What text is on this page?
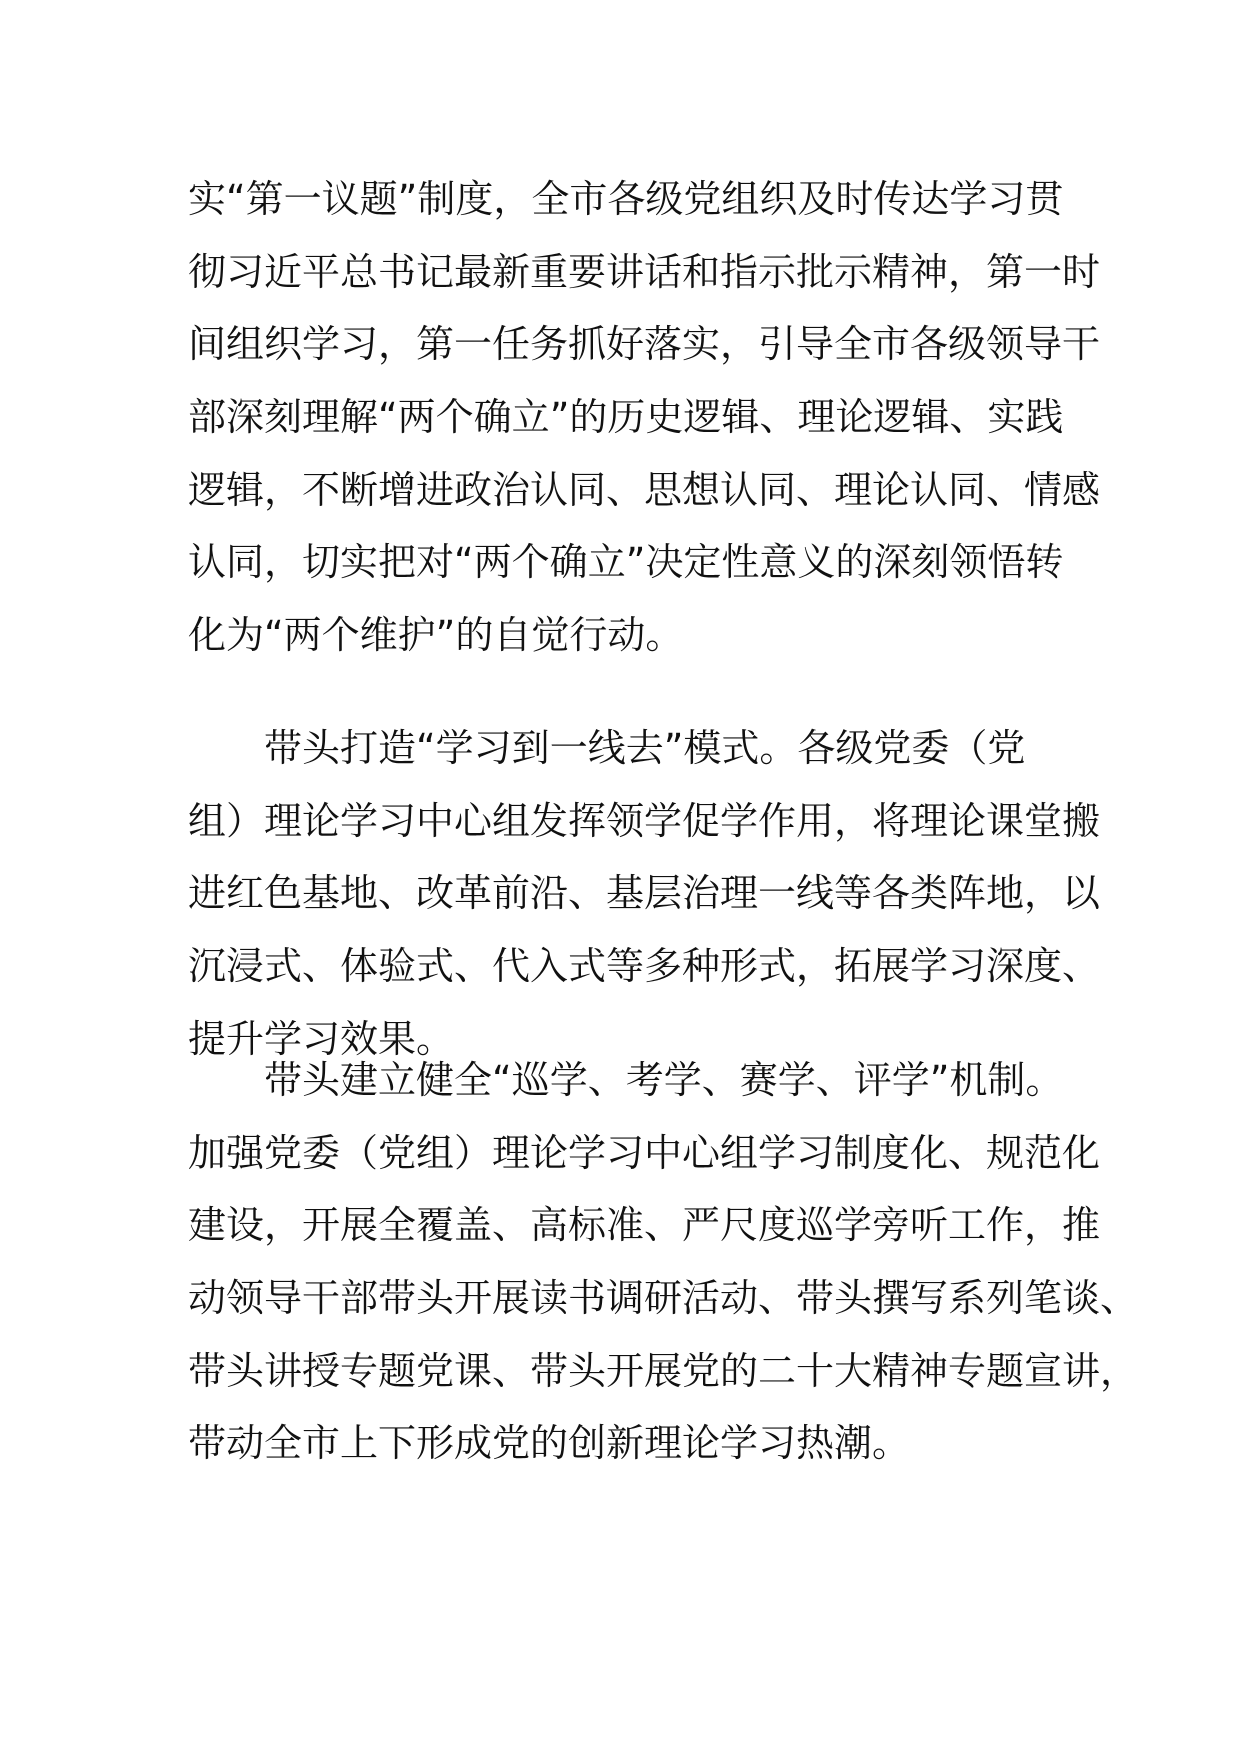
实“第一议题”制度，全市各级党组织及时传达学习贯
彻习近平总书记最新重要讲话和指示批示精神，第一时
间组织学习，第一任务抓好落实，引导全市各级领导干
部深刻理解“两个确立”的历史逻辑、理论逻辑、实践
逻辑，不断增进政治认同、思想认同、理论认同、情感
认同，切实把对“两个确立”决定性意义的深刻领悟转
化为“两个维护”的自觉行动。
　　带头打造“学习到一线去”模式。各级党委（党
组）理论学习中心组发挥领学促学作用，将理论课堂搬
进红色基地、改革前沿、基层治理一线等各类阵地，以
沉浸式、体验式、代入式等多种形式，拓展学习深度、
提升学习效果。
　　带头建立健全“巡学、考学、赛学、评学”机制。
加强党委（党组）理论学习中心组学习制度化、规范化
建设，开展全覆盖、高标准、严尺度巡学旁听工作，推
动领导干部带头开展读书调研活动、带头撰写系列笔谈、
带头讲授专题党课、带头开展党的二十大精神专题宣讲，
带动全市上下形成党的创新理论学习热潮。
